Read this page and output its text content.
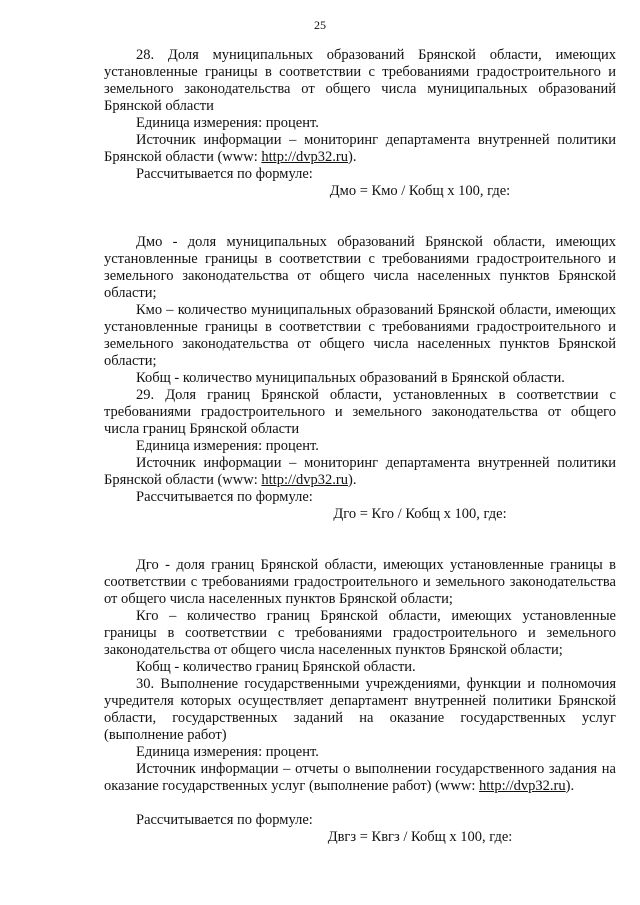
25

28. Доля муниципальных образований Брянской области, имеющих установленные границы в соответствии с требованиями градостроительного и земельного законодательства от общего числа муниципальных образований Брянской области

Единица измерения: процент.

Источник информации – мониторинг департамента внутренней политики Брянской области (www: http://dvp32.ru).

Рассчитывается по формуле:

Дмо = Кмо / Кобщ х 100, где:

Дмо - доля муниципальных образований Брянской области, имеющих установленные границы в соответствии с требованиями градостроительного и земельного законодательства от общего числа населенных пунктов Брянской области;

Кмо – количество муниципальных образований Брянской области, имеющих установленные границы в соответствии с требованиями градостроительного и земельного законодательства от общего числа населенных пунктов Брянской области;

Кобщ - количество муниципальных образований в Брянской области.

29. Доля границ Брянской области, установленных в соответствии с требованиями градостроительного и земельного законодательства от общего числа границ Брянской области

Единица измерения: процент.

Источник информации – мониторинг департамента внутренней политики Брянской области (www: http://dvp32.ru).

Рассчитывается по формуле:

Дго = Кго / Кобщ х 100, где:

Дго - доля границ Брянской области, имеющих установленные границы в соответствии с требованиями градостроительного и земельного законодательства от общего числа населенных пунктов Брянской области;

Кго – количество границ Брянской области, имеющих установленные границы в соответствии с требованиями градостроительного и земельного законодательства от общего числа населенных пунктов Брянской области;

Кобщ - количество границ Брянской области.

30. Выполнение государственными учреждениями, функции и полномочия учредителя которых осуществляет департамент внутренней политики Брянской области, государственных заданий на оказание государственных услуг (выполнение работ)

Единица измерения: процент.

Источник информации – отчеты о выполнении государственного задания на оказание государственных услуг (выполнение работ) (www: http://dvp32.ru).

Рассчитывается по формуле:

Двгз = Квгз / Кобщ х 100, где:
